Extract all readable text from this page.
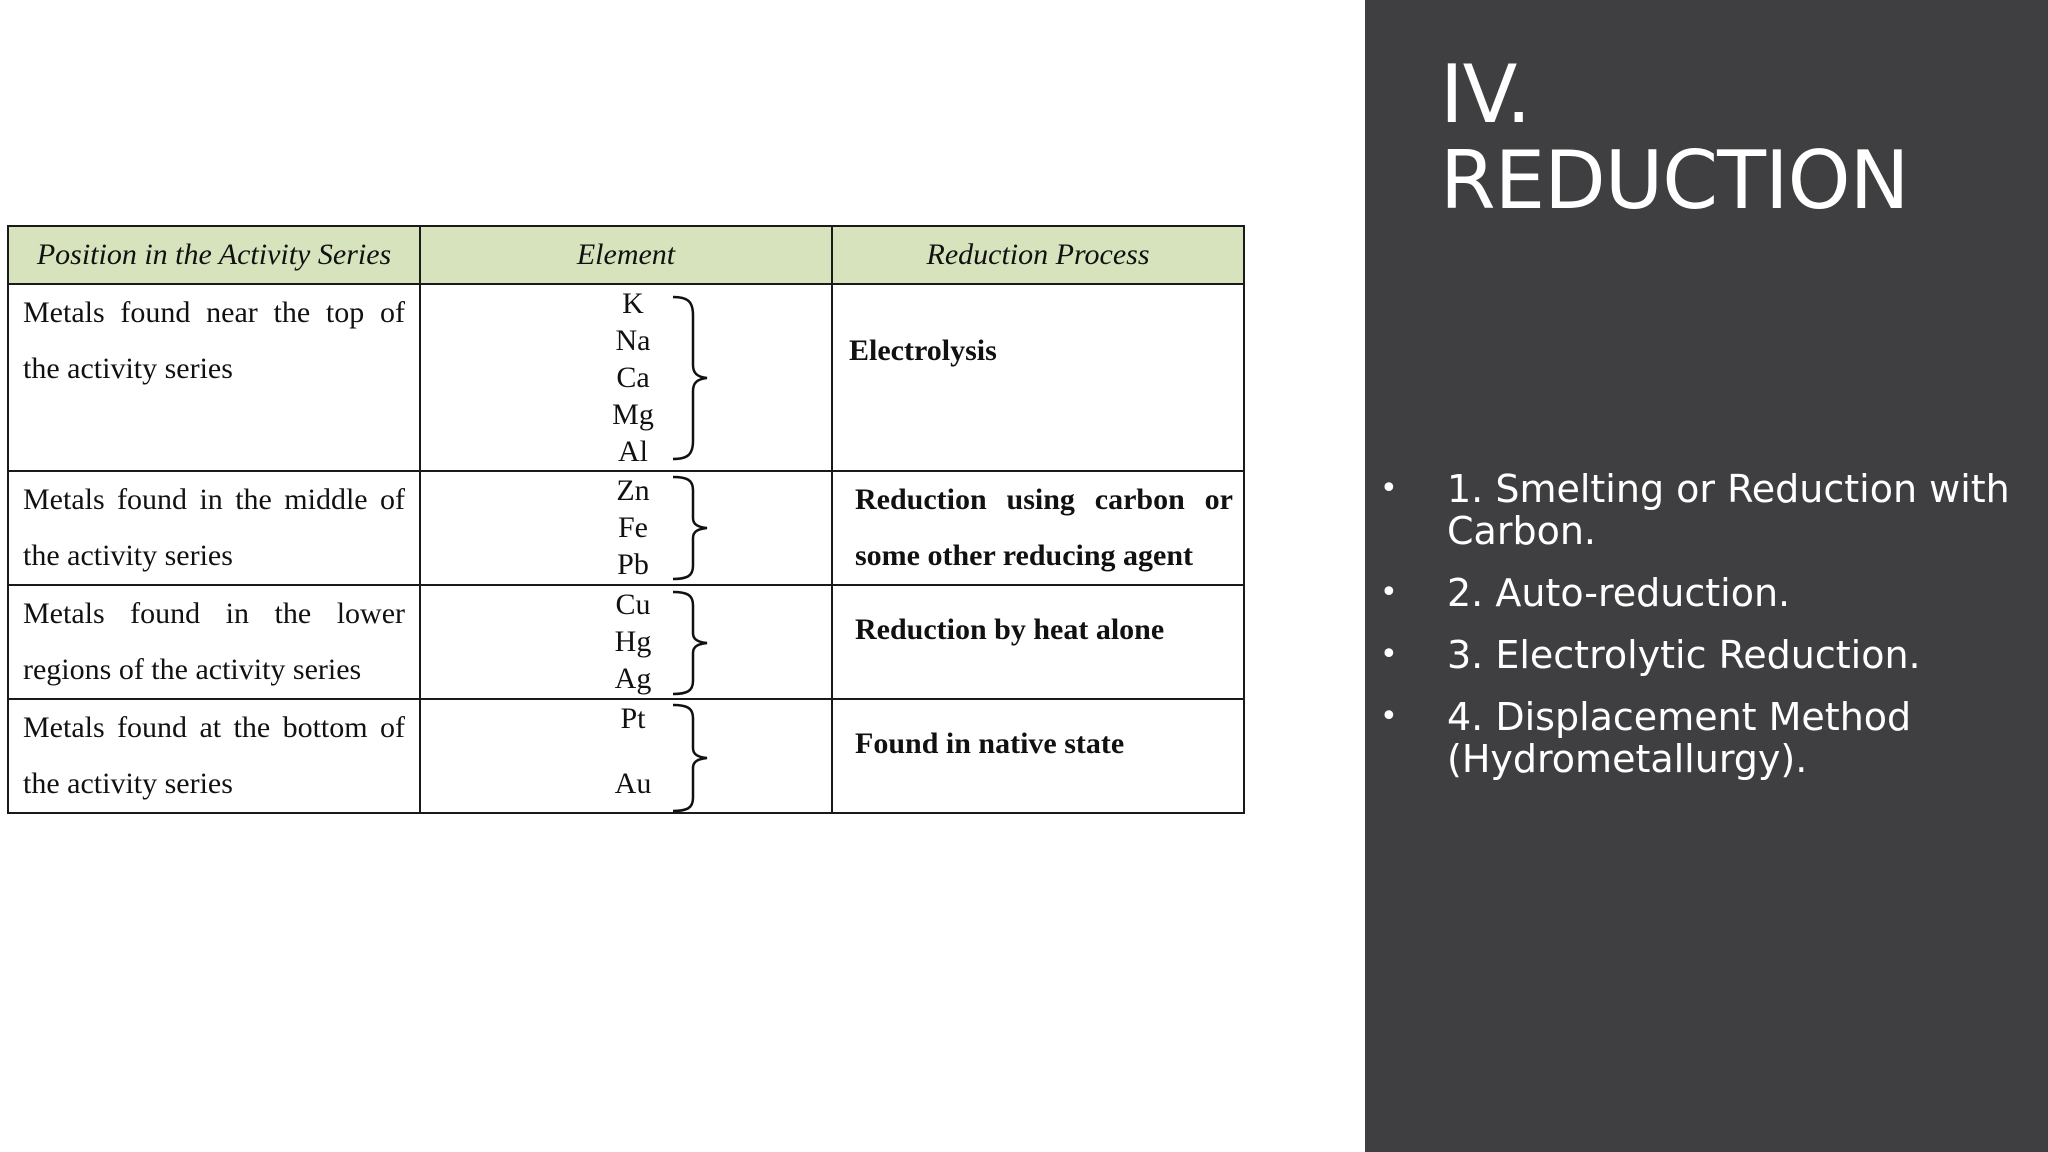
Position in the Activity Series	Element	Reduction Process

Metals found near the top of the activity series	K
Na
Ca
Mg
Al	Electrolysis

Metals found in the middle of the activity series	Zn
Fe
Pb	Reduction using carbon or some other reducing agent

Metals found in the lower regions of the activity series	Cu
Hg
Ag	Reduction by heat alone

Metals found at the bottom of the activity series	Pt
Au	Found in native state
IV.
REDUCTION
• 1. Smelting or Reduction with Carbon.
• 2. Auto-reduction.
• 3. Electrolytic Reduction.
• 4. Displacement Method (Hydrometallurgy).
